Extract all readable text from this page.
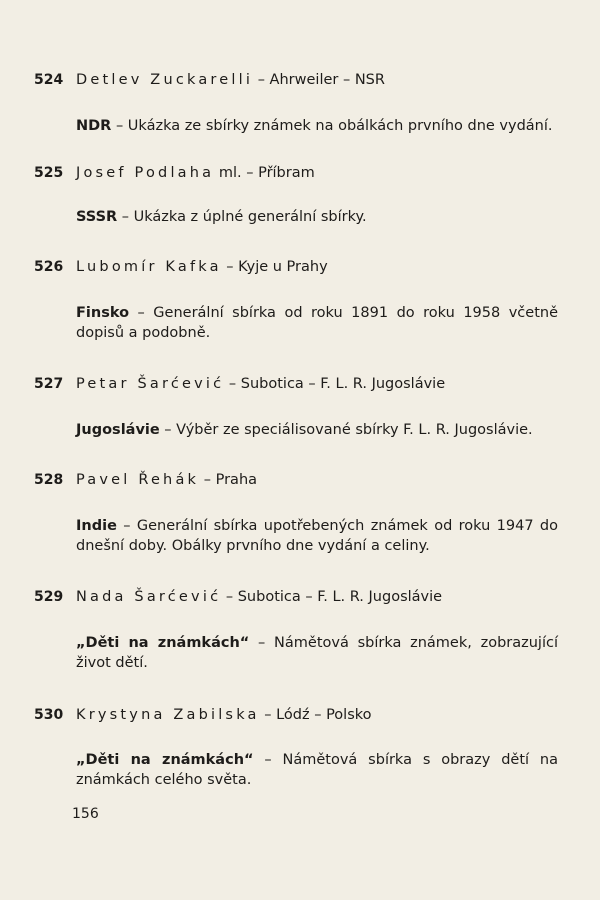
524 Detlev Zuckarelli – Ahrweiler – NSR
NDR – Ukázka ze sbírky známek na obálkách prvního dne vydání.
525 Josef Podlaha ml. – Příbram
SSSR – Ukázka z úplné generální sbírky.
526 Lubomír Kafka – Kyje u Prahy
Finsko – Generální sbírka od roku 1891 do roku 1958 včetně dopisů a podobně.
527 Petar Šarćević – Subotica – F. L. R. Jugoslávie
Jugoslávie – Výběr ze speciálisované sbírky F. L. R. Jugoslávie.
528 Pavel Řehák – Praha
Indie – Generální sbírka upotřebených známek od roku 1947 do dnešní doby. Obálky prvního dne vydání a celiny.
529 Nada Šarćević – Subotica – F. L. R. Jugoslávie
„Děti na známkách“ – Námětová sbírka známek, zobrazující život dětí.
530 Krystyna Zabilska – Lódź – Polsko
„Děti na známkách“ – Námětová sbírka s obrazy dětí na známkách celého světa.
156
